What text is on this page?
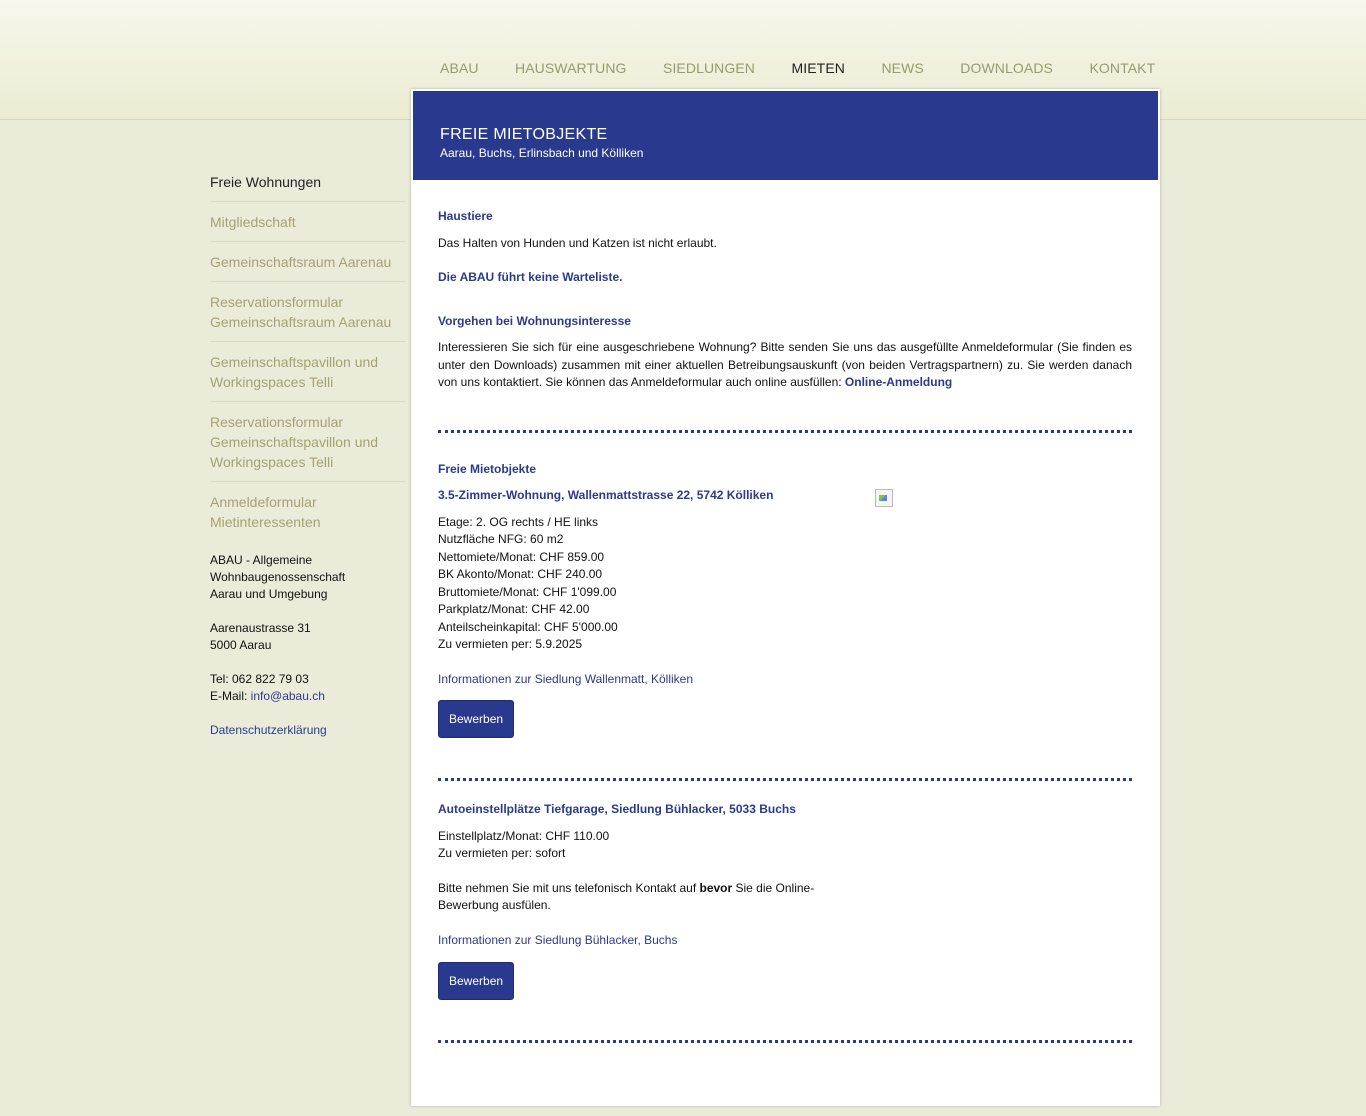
ABAU	HAUSWARTUNG	SIEDLUNGEN	MIETEN	NEWS	DOWNLOADS	KONTAKT
Freie Wohnungen
Mitgliedschaft
Gemeinschaftsraum Aarenau
Reservationsformular Gemeinschaftsraum Aarenau
Gemeinschaftspavillon und Workingspaces Telli
Reservationsformular Gemeinschaftspavillon und Workingspaces Telli
Anmeldeformular Mietinteressenten
ABAU - Allgemeine
Wohnbaugenossenschaft
Aarau und Umgebung
Aarenaustrasse 31
5000 Aarau
Tel: 062 822 79 03
E-Mail: info@abau.ch
Datenschutzerklärung
FREIE MIETOBJEKTE
Aarau, Buchs, Erlinsbach und Kölliken
Haustiere
Das Halten von Hunden und Katzen ist nicht erlaubt.
Die ABAU führt keine Warteliste.
Vorgehen bei Wohnungsinteresse
Interessieren Sie sich für eine ausgeschriebene Wohnung? Bitte senden Sie uns das ausgefüllte Anmeldeformular (Sie finden es unter den Downloads) zusammen mit einer aktuellen Betreibungsauskunft (von beiden Vertragspartnern) zu. Sie werden danach von uns kontaktiert. Sie können das Anmeldeformular auch online ausfüllen: Online-Anmeldung
Freie Mietobjekte
3.5-Zimmer-Wohnung, Wallenmattstrasse 22, 5742 Kölliken
Etage: 2. OG rechts / HE links
Nutzfläche NFG: 60 m2
Nettomiete/Monat: CHF 859.00
BK Akonto/Monat: CHF 240.00
Bruttomiete/Monat: CHF 1'099.00
Parkplatz/Monat: CHF 42.00
Anteilscheinkapital: CHF 5'000.00
Zu vermieten per: 5.9.2025
Informationen zur Siedlung Wallenmatt, Kölliken
Bewerben
Autoeinstellplätze Tiefgarage, Siedlung Bühlacker, 5033 Buchs
Einstellplatz/Monat: CHF 110.00
Zu vermieten per: sofort
Bitte nehmen Sie mit uns telefonisch Kontakt auf bevor Sie die Online-Bewerbung ausfülen.
Informationen zur Siedlung Bühlacker, Buchs
Bewerben
